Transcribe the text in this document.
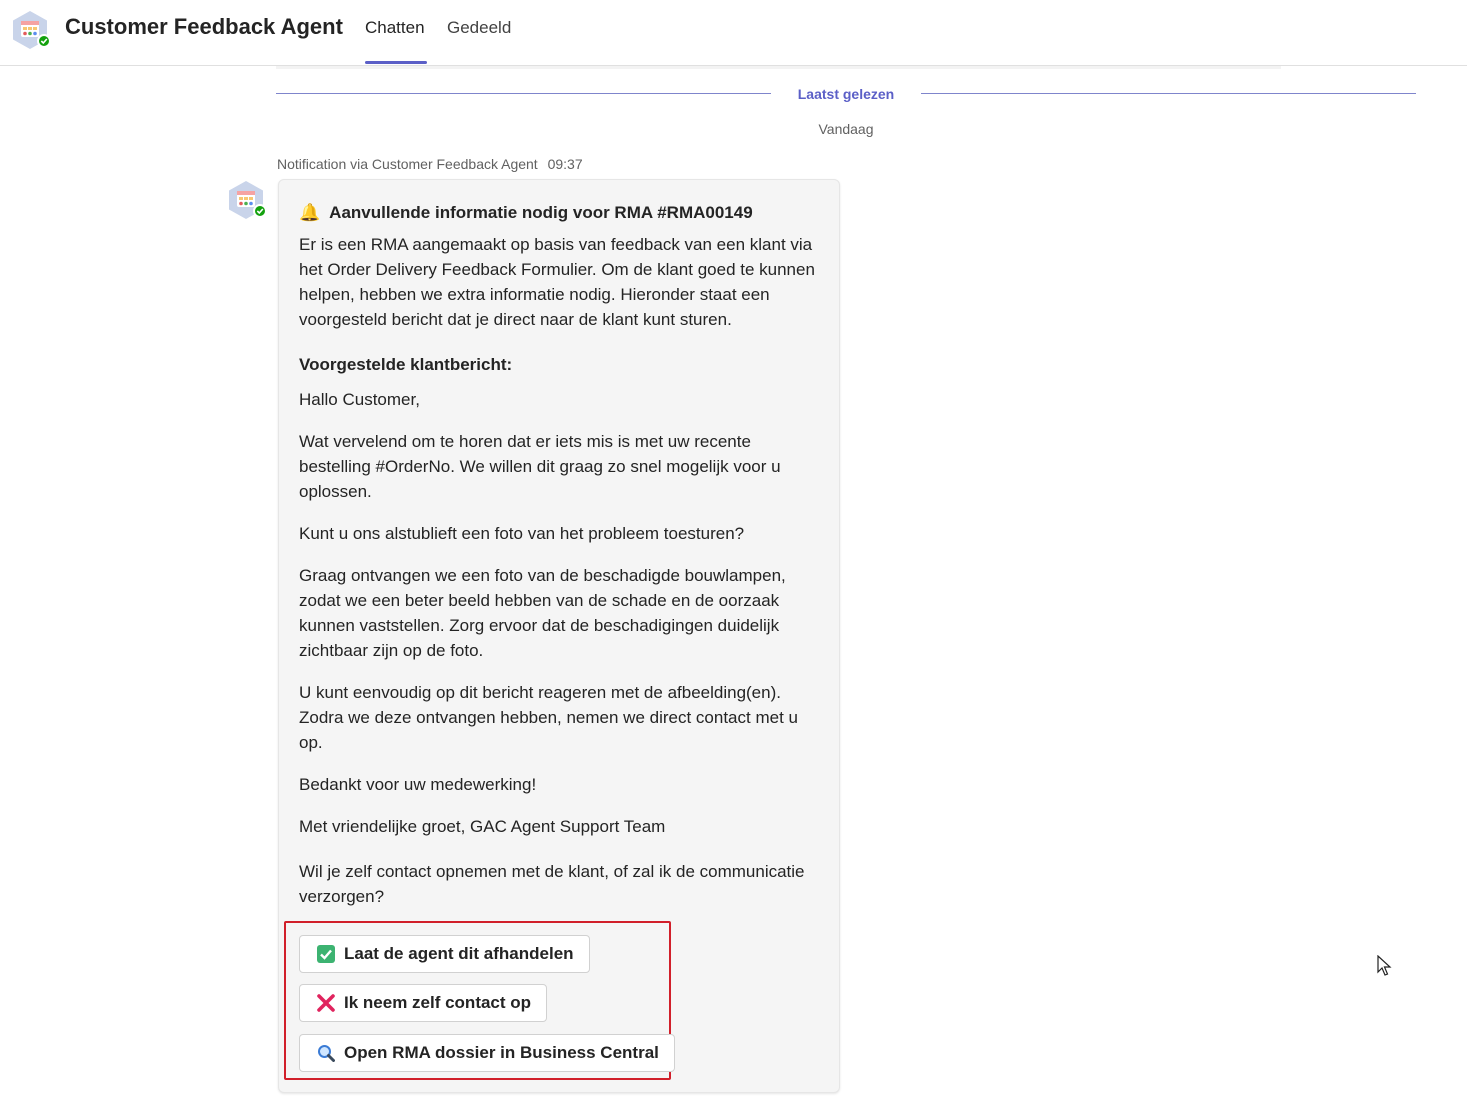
Customer Feedback Agent Chatten Gedeeld
Laatst gelezen
Vandaag
Notification via Customer Feedback Agent 09:37
🔔 Aanvullende informatie nodig voor RMA #RMA00149

Er is een RMA aangemaakt op basis van feedback van een klant via het Order Delivery Feedback Formulier. Om de klant goed te kunnen helpen, hebben we extra informatie nodig. Hieronder staat een voorgesteld bericht dat je direct naar de klant kunt sturen.

Voorgestelde klantbericht:

Hallo Customer,

Wat vervelend om te horen dat er iets mis is met uw recente bestelling #OrderNo. We willen dit graag zo snel mogelijk voor u oplossen.

Kunt u ons alstublieft een foto van het probleem toesturen?

Graag ontvangen we een foto van de beschadigde bouwlampen, zodat we een beter beeld hebben van de schade en de oorzaak kunnen vaststellen. Zorg ervoor dat de beschadigingen duidelijk zichtbaar zijn op de foto.

U kunt eenvoudig op dit bericht reageren met de afbeelding(en). Zodra we deze ontvangen hebben, nemen we direct contact met u op.

Bedankt voor uw medewerking!

Met vriendelijke groet, GAC Agent Support Team

Wil je zelf contact opnemen met de klant, of zal ik de communicatie verzorgen?

Laat de agent dit afhandelen
Ik neem zelf contact op
Open RMA dossier in Business Central
